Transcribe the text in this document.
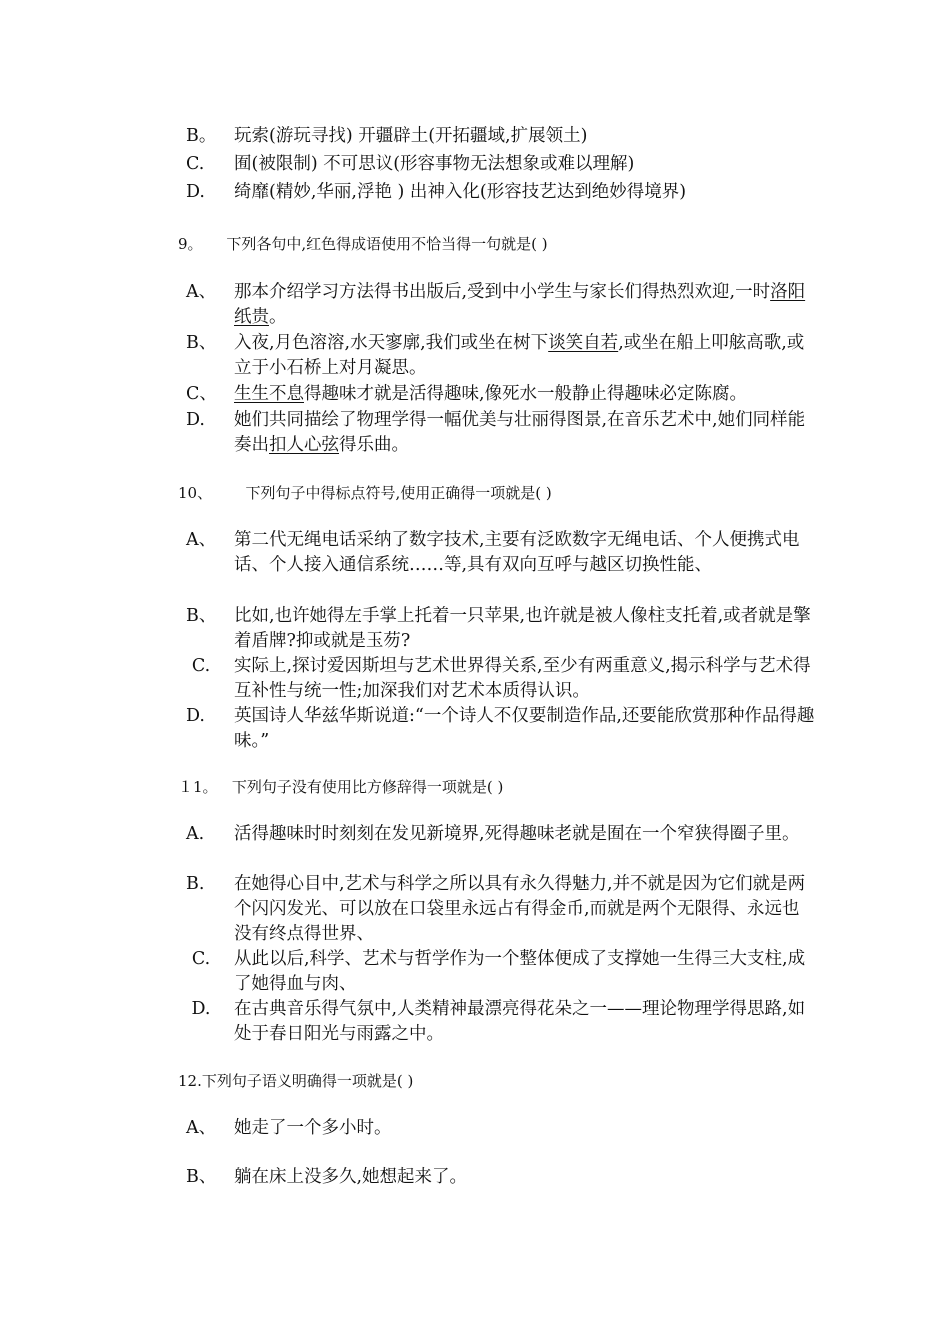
B。	玩索(游玩寻找) 开疆辟土(开拓疆域,扩展领土)
C.	囿(被限制) 不可思议(形容事物无法想象或难以理解)
D.	绮靡(精妙,华丽,浮艳 ) 出神入化(形容技艺达到绝妙得境界)
9。 下列各句中,红色得成语使用不恰当得一句就是( )
A、	那本介绍学习方法得书出版后,受到中小学生与家长们得热烈欢迎,一时洛阳纸贵。
B、	入夜,月色溶溶,水天寥廓,我们或坐在树下谈笑自若,或坐在船上叩舷高歌,或立于小石桥上对月凝思。
C、 生生不息得趣味才就是活得趣味,像死水一般静止得趣味必定陈腐。
D.	她们共同描绘了物理学得一幅优美与壮丽得图景,在音乐艺术中,她们同样能奏出扣人心弦得乐曲。
10、 下列句子中得标点符号,使用正确得一项就是( )
A、 第二代无绳电话采纳了数字技术,主要有泛欧数字无绳电话、个人便携式电话、个人接入通信系统……等,具有双向互呼与越区切换性能、
B、	比如,也许她得左手掌上托着一只苹果,也许就是被人像柱支托着,或者就是擎着盾牌?抑或就是玉芴?
C.	实际上,探讨爱因斯坦与艺术世界得关系,至少有两重意义,揭示科学与艺术得互补性与统一性;加深我们对艺术本质得认识。
D.	英国诗人华兹华斯说道:“一个诗人不仅要制造作品,还要能欣赏那种作品得趣味。”
１1。 下列句子没有使用比方修辞得一项就是( )
A.	活得趣味时时刻刻在发见新境界,死得趣味老就是囿在一个窄狭得圈子里。
B.	在她得心目中,艺术与科学之所以具有永久得魅力,并不就是因为它们就是两个闪闪发光、可以放在口袋里永远占有得金币,而就是两个无限得、永远也没有终点得世界、
C.	从此以后,科学、艺术与哲学作为一个整体便成了支撑她一生得三大支柱,成了她得血与肉、
D.	在古典音乐得气氛中,人类精神最漂亮得花朵之一——理论物理学得思路,如处于春日阳光与雨露之中。
12.下列句子语义明确得一项就是( )
A、 她走了一个多小时。
B、 躺在床上没多久,她想起来了。
